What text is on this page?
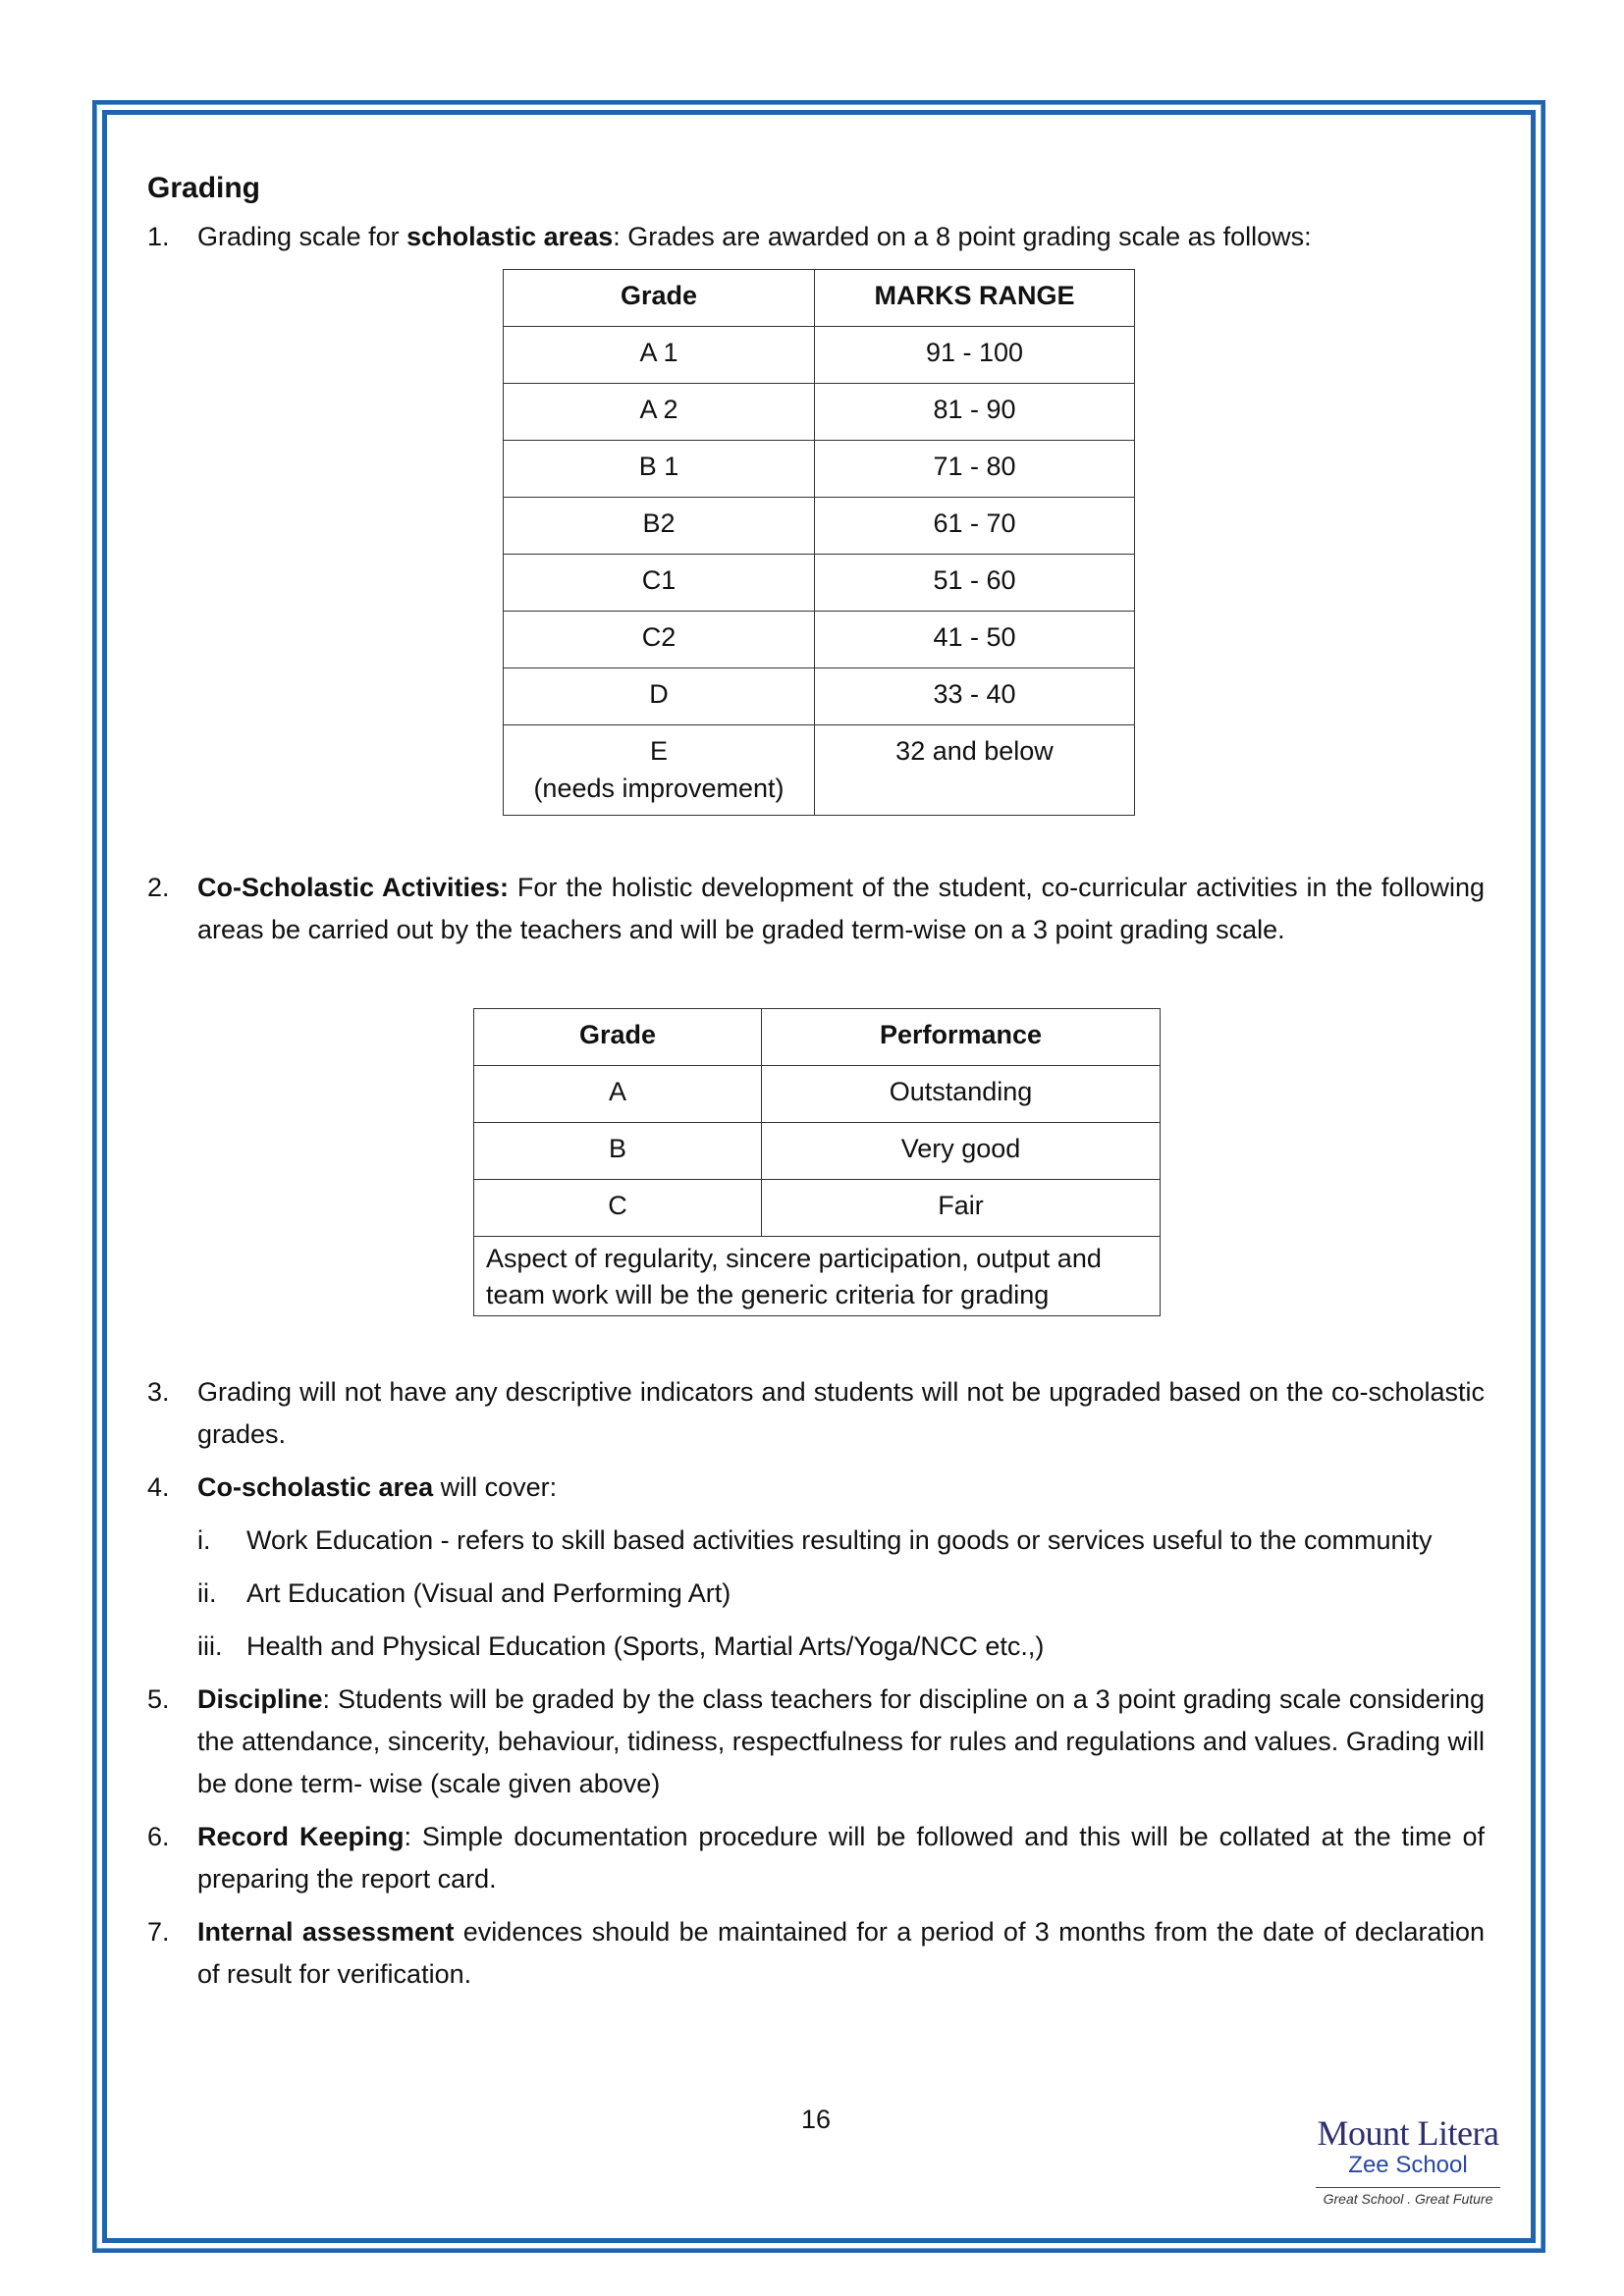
Grading
1. Grading scale for scholastic areas: Grades are awarded on a 8 point grading scale as follows:
Grade	MARKS RANGE
A 1	91 - 100
A 2	81 - 90
B 1	71 - 80
B2	61 - 70
C1	51 - 60
C2	41 - 50
D	33 - 40

E
(needs improvement)	32 and below
2. Co-Scholastic Activities: For the holistic development of the student, co-curricular activities in the following areas be carried out by the teachers and will be graded term-wise on a 3 point grading scale.
Grade	Performance
A	Outstanding
B	Very good
C	Fair
Aspect of regularity, sincere participation, output and team work will be the generic criteria for grading	
3. Grading will not have any descriptive indicators and students will not be upgraded based on the co-scholastic grades.
4. Co-scholastic area will cover:
i. Work Education - refers to skill based activities resulting in goods or services useful to the community
ii. Art Education (Visual and Performing Art)
iii. Health and Physical Education (Sports, Martial Arts/Yoga/NCC etc.,)
5. Discipline: Students will be graded by the class teachers for discipline on a 3 point grading scale considering the attendance, sincerity, behaviour, tidiness, respectfulness for rules and regulations and values. Grading will be done term- wise (scale given above)
6. Record Keeping: Simple documentation procedure will be followed and this will be collated at the time of preparing the report card.
7. Internal assessment evidences should be maintained for a period of 3 months from the date of declaration of result for verification.
16	Mount Litera
Zee School
Great School . Great Future
